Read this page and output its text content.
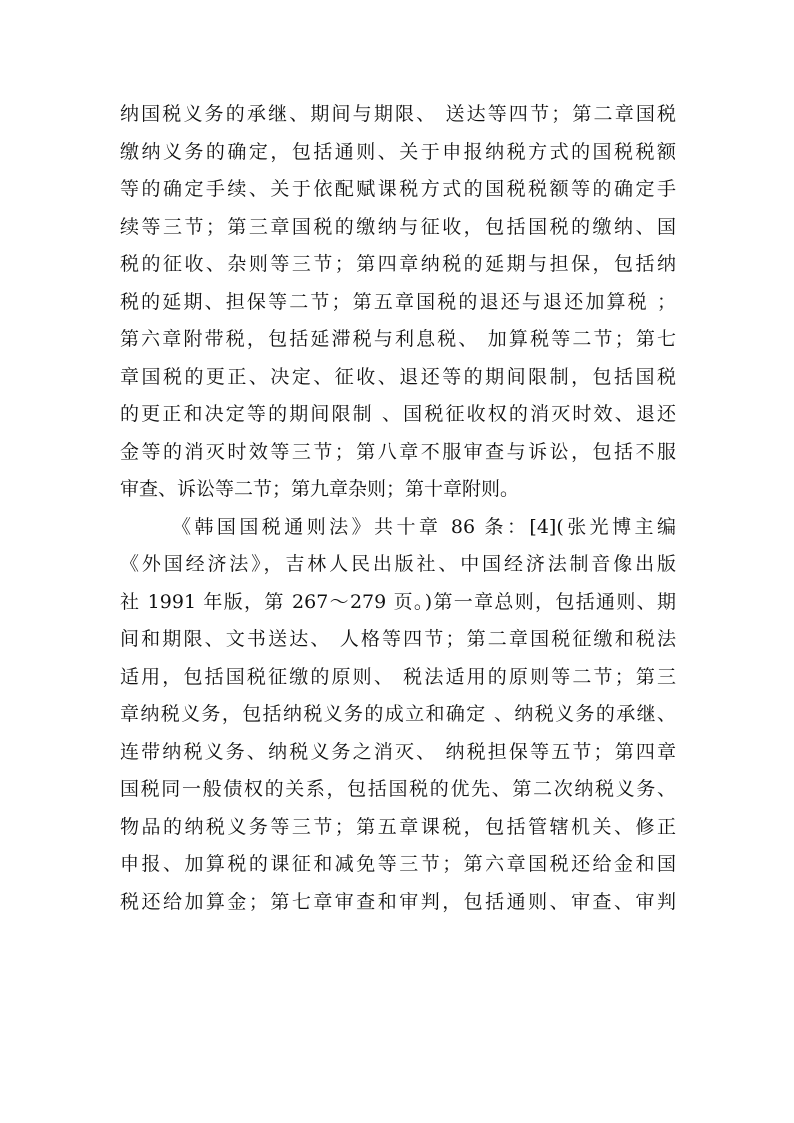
纳国税义务的承继、期间与期限、 送达等四节；第二章国税
缴纳义务的确定，包括通则、关于申报纳税方式的国税税额
等的确定手续、关于依配赋课税方式的国税税额等的确定手
续等三节；第三章国税的缴纳与征收，包括国税的缴纳、国
税的征收、杂则等三节；第四章纳税的延期与担保，包括纳
税的延期、担保等二节；第五章国税的退还与退还加算税 ；
第六章附带税，包括延滞税与利息税、 加算税等二节；第七
章国税的更正、决定、征收、退还等的期间限制，包括国税
的更正和决定等的期间限制 、国税征收权的消灭时效、退还
金等的消灭时效等三节；第八章不服审查与诉讼，包括不服
审查、诉讼等二节；第九章杂则；第十章附则。
《韩国国税通则法》共十章 86 条：[4](张光博主编
《外国经济法》，吉林人民出版社、中国经济法制音像出版
社 1991 年版，第 267～279 页。)第一章总则，包括通则、期
间和期限、文书送达、 人格等四节；第二章国税征缴和税法
适用，包括国税征缴的原则、 税法适用的原则等二节；第三
章纳税义务，包括纳税义务的成立和确定 、纳税义务的承继、
连带纳税义务、纳税义务之消灭、 纳税担保等五节；第四章
国税同一般债权的关系，包括国税的优先、第二次纳税义务、
物品的纳税义务等三节；第五章课税，包括管辖机关、修正
申报、加算税的课征和减免等三节；第六章国税还给金和国
税还给加算金；第七章审查和审判，包括通则、审查、审判
